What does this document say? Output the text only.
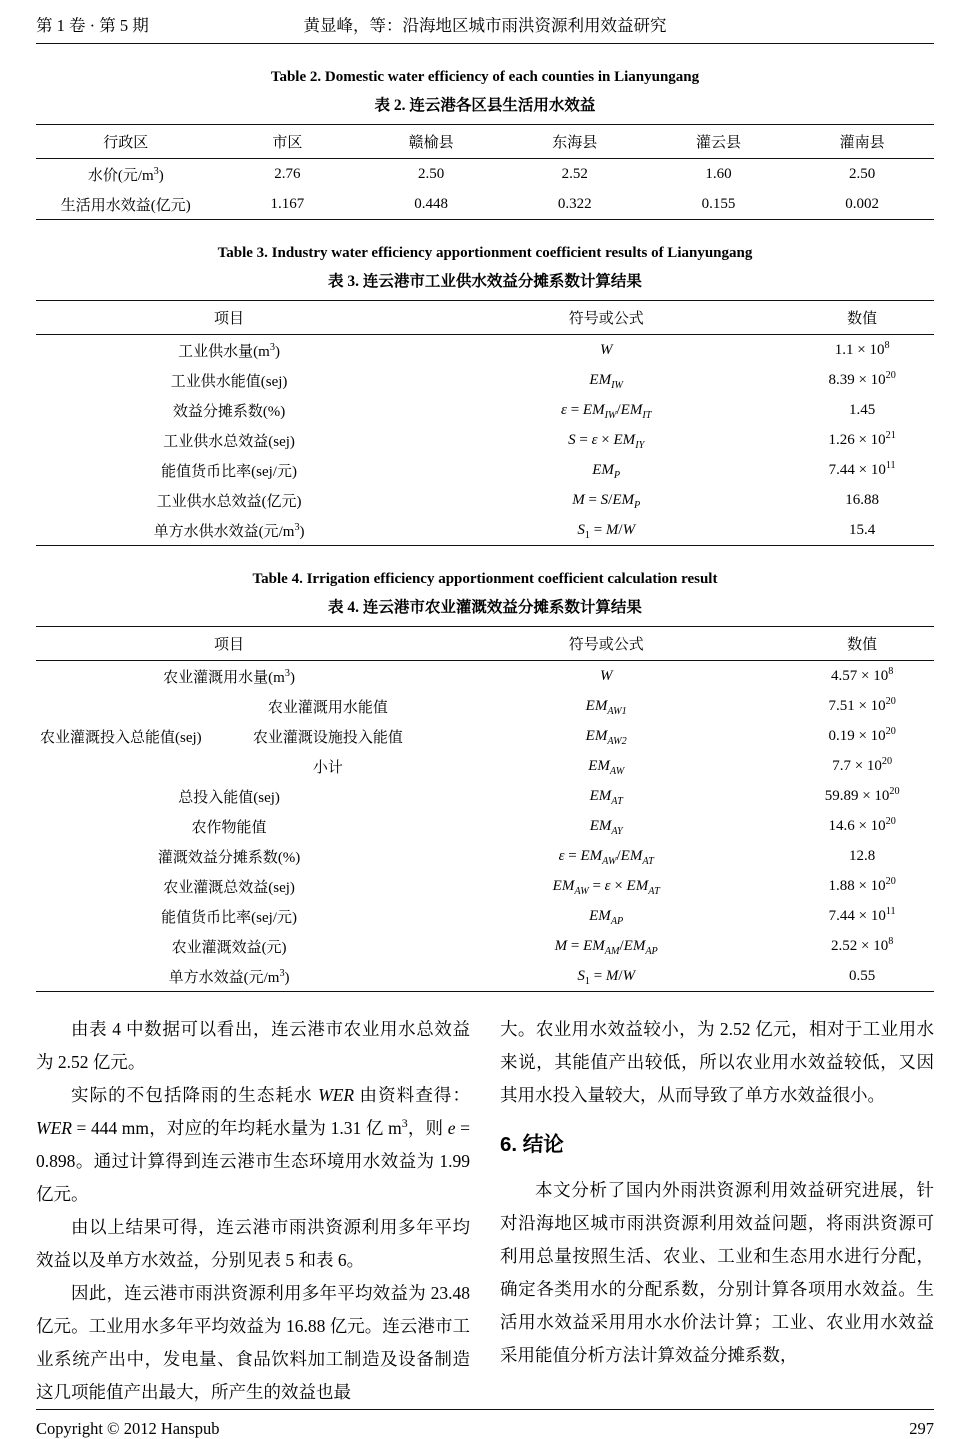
第 1 卷 · 第 5 期	黄显峰，等：沿海地区城市雨洪资源利用效益研究
Table 2. Domestic water efficiency of each counties in Lianyungang
表 2. 连云港各区县生活用水效益
行政区	市区	赣榆县	东海县	灌云县	灌南县
水价(元$/m^3$)	2.76	2.50	2.52	1.60	2.50
生活用水效益(亿元)	1.167	0.448	0.322	0.155	0.002
Table 3. Industry water efficiency apportionment coefficient results of Lianyungang
表 3. 连云港市工业供水效益分摊系数计算结果
项目	符号或公式	数值
工业供水量$(m^3)$	W	$1.1 \times 10^8$
工业供水能值(sej)	$EM_{IW}$	$8.39 \times 10^{20}$
效益分摊系数(%)	$\varepsilon = EM_{IW}/EM_{IT}$	1.45
工业供水总效益(sej)	$S = \varepsilon \times EM_{IY}$	$1.26 \times 10^{21}$
能值货币比率(sej/元)	$EM_P$	$7.44 \times 10^{11}$
工业供水总效益(亿元)	$M = S/EM_P$	16.88
单方水供水效益(元$/m^3$)	$S_1 = M/W$	15.4
Table 4. Irrigation efficiency apportionment coefficient calculation result
表 4. 连云港市农业灌溉效益分摊系数计算结果
项目		符号或公式	数值
农业灌溉用水量$(m^3)$		W	$4.57 \times 10^8$
农业灌溉投入总能值(sej)	农业灌溉用水能值	$EM_{AW1}$	$7.51 \times 10^{20}$
	农业灌溉设施投入能值	$EM_{AW2}$	$0.19 \times 10^{20}$
	小计	$EM_{AW}$	$7.7 \times 10^{20}$
总投入能值(sej)		$EM_{AT}$	$59.89 \times 10^{20}$
农作物能值		$EM_{AY}$	$14.6 \times 10^{20}$
灌溉效益分摊系数(%)		$\varepsilon = EM_{AW}/EM_{AT}$	12.8
农业灌溉总效益(sej)		$EM_{AW} = \varepsilon \times EM_{AT}$	$1.88 \times 10^{20}$
能值货币比率(sej/元)		$EM_{AP}$	$7.44 \times 10^{11}$
农业灌溉效益(元)		$M = EM_{AM}/EM_{AP}$	$2.52 \times 10^8$
单方水效益(元$/m^3$)		$S_1 = M/W$	0.55

由表 4 中数据可以看出，连云港市农业用水总效益为 2.52 亿元。

实际的不包括降雨的生态耗水 WER 由资料查得：WER = 444 mm，对应的年均耗水量为 1.31 亿 $m^3$，则 e = 0.898。通过计算得到连云港市生态环境用水效益为 1.99 亿元。

由以上结果可得，连云港市雨洪资源利用多年平均效益以及单方水效益，分别见表 5 和表 6。

因此，连云港市雨洪资源利用多年平均效益为 23.48 亿元。工业用水多年平均效益为 16.88 亿元。连云港市工业系统产出中，发电量、食品饮料加工制造及设备制造这几项能值产出最大，所产生的效益也最

大。农业用水效益较小，为 2.52 亿元，相对于工业用水来说，其能值产出较低，所以农业用水效益较低，又因其用水投入量较大，从而导致了单方水效益很小。

6. 结论

本文分析了国内外雨洪资源利用效益研究进展，针对沿海地区城市雨洪资源利用效益问题，将雨洪资源可利用总量按照生活、农业、工业和生态用水进行分配，确定各类用水的分配系数，分别计算各项用水效益。生活用水效益采用用水水价法计算；工业、农业用水效益采用能值分析方法计算效益分摊系数，

Copyright © 2012 Hanspub	297
